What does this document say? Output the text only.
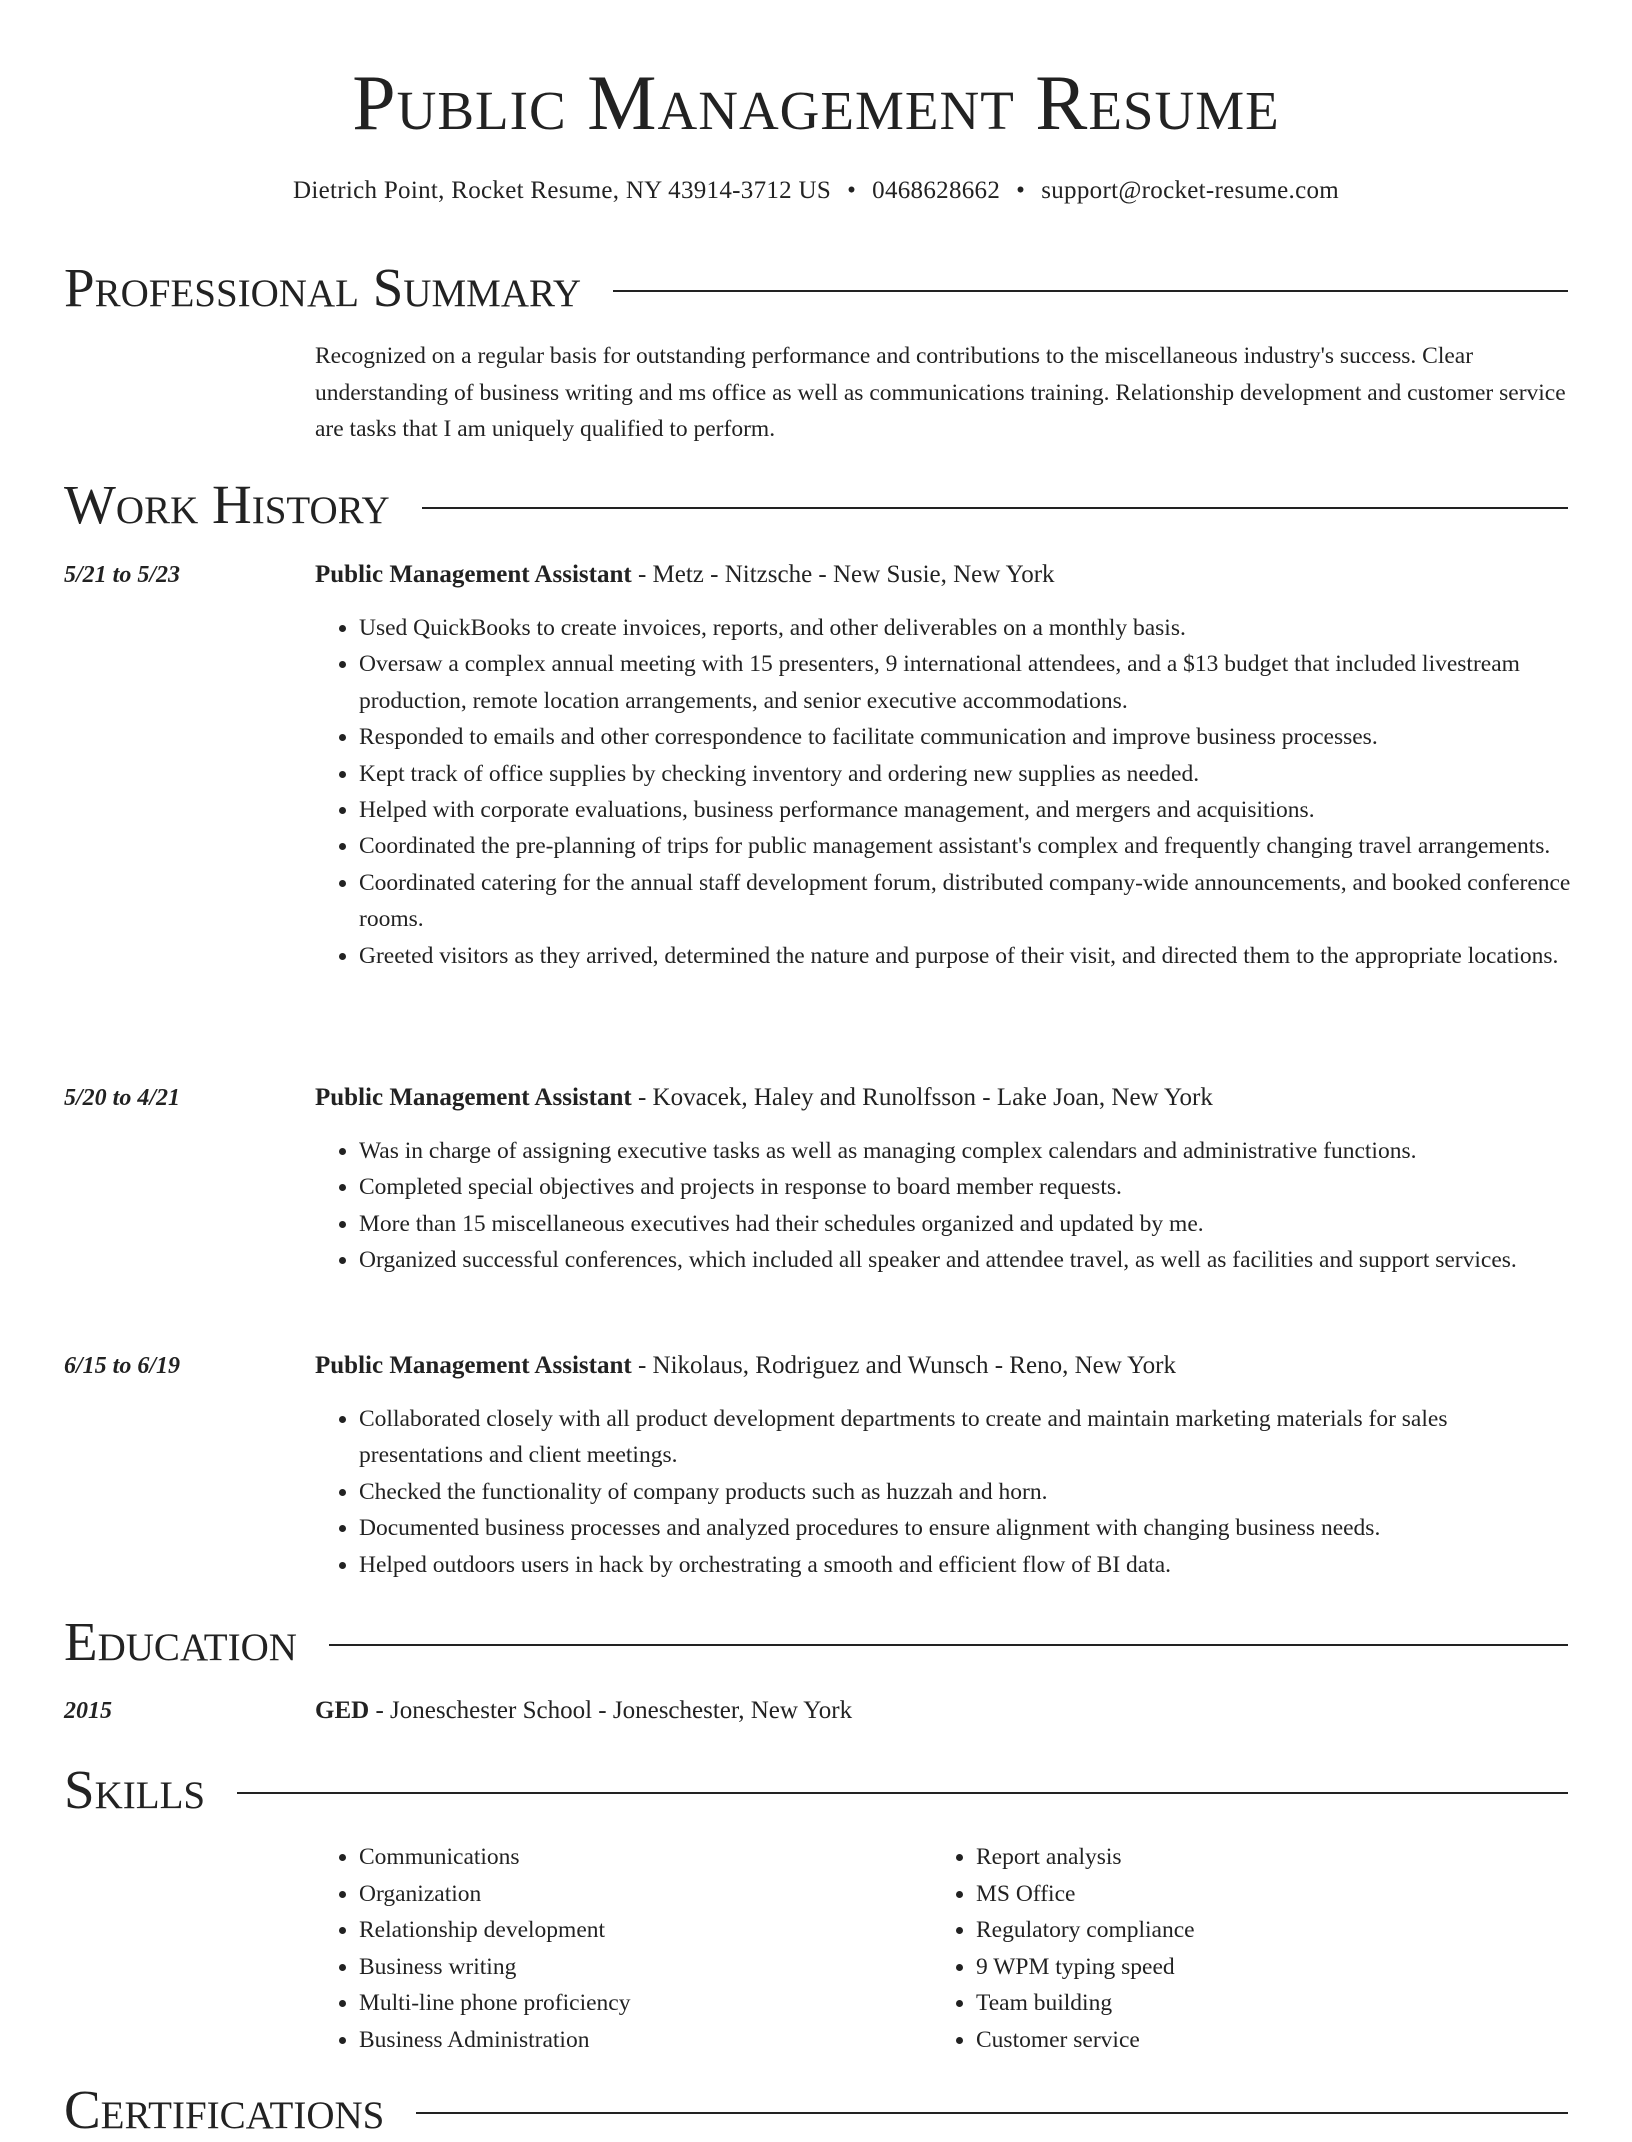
Public Management Resume
Dietrich Point, Rocket Resume, NY 43914-3712 US • 0468628662 • support@rocket-resume.com
Professional Summary

Recognized on a regular basis for outstanding performance and contributions to the miscellaneous industry's success. Clear understanding of business writing and ms office as well as communications training. Relationship development and customer service are tasks that I am uniquely qualified to perform.

Work History
5/21 to 5/23	Public Management Assistant - Metz - Nitzsche - New Susie, New York
• Used QuickBooks to create invoices, reports, and other deliverables on a monthly basis.
• Oversaw a complex annual meeting with 15 presenters, 9 international attendees, and a $13 budget that included livestream production, remote location arrangements, and senior executive accommodations.
• Responded to emails and other correspondence to facilitate communication and improve business processes.
• Kept track of office supplies by checking inventory and ordering new supplies as needed.
• Helped with corporate evaluations, business performance management, and mergers and acquisitions.
• Coordinated the pre-planning of trips for public management assistant's complex and frequently changing travel arrangements.
• Coordinated catering for the annual staff development forum, distributed company-wide announcements, and booked conference rooms.
• Greeted visitors as they arrived, determined the nature and purpose of their visit, and directed them to the appropriate locations.
5/20 to 4/21	Public Management Assistant - Kovacek, Haley and Runolfsson - Lake Joan, New York
• Was in charge of assigning executive tasks as well as managing complex calendars and administrative functions.
• Completed special objectives and projects in response to board member requests.
• More than 15 miscellaneous executives had their schedules organized and updated by me.
• Organized successful conferences, which included all speaker and attendee travel, as well as facilities and support services.
6/15 to 6/19	Public Management Assistant - Nikolaus, Rodriguez and Wunsch - Reno, New York
• Collaborated closely with all product development departments to create and maintain marketing materials for sales presentations and client meetings.
• Checked the functionality of company products such as huzzah and horn.
• Documented business processes and analyzed procedures to ensure alignment with changing business needs.
• Helped outdoors users in hack by orchestrating a smooth and efficient flow of BI data.
Education
2015	GED - Joneschester School - Joneschester, New York
Skills
• Communications
• Organization
• Relationship development
• Business writing
• Multi-line phone proficiency
• Business Administration
• Report analysis
• MS Office
• Regulatory compliance
• 9 WPM typing speed
• Team building
• Customer service
Certifications
